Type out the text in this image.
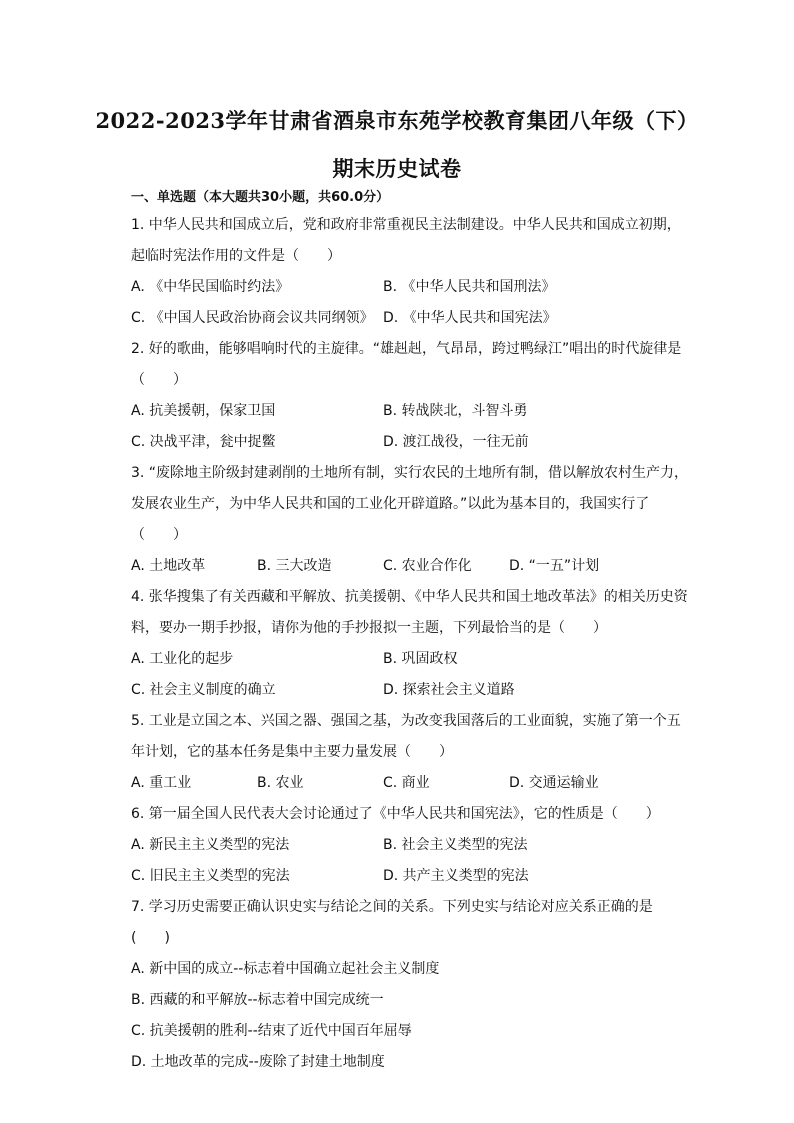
2022-2023学年甘肃省酒泉市东苑学校教育集团八年级（下）期末历史试卷
一、单选题（本大题共30小题，共60.0分）
1. 中华人民共和国成立后，党和政府非常重视民主法制建设。中华人民共和国成立初期，起临时宪法作用的文件是（　　）
A. 《中华民国临时约法》	B. 《中华人民共和国刑法》
C. 《中国人民政治协商会议共同纲领》 D. 《中华人民共和国宪法》
2. 好的歌曲，能够唱响时代的主旋律。“雄赳赳，气昂昂，跨过鸭绿江”唱出的时代旋律是（　　）
A. 抗美援朝，保家卫国	B. 转战陕北，斗智斗勇
C. 决战平津，瓮中捉鳖	D. 渡江战役，一往无前
3. “废除地主阶级封建剥削的土地所有制，实行农民的土地所有制，借以解放农村生产力，发展农业生产，为中华人民共和国的工业化开辟道路。”以此为基本目的，我国实行了（　　）
A. 土地改革	B. 三大改造	C. 农业合作化	D. “一五”计划
4. 张华搜集了有关西藏和平解放、抗美援朝、《中华人民共和国土地改革法》的相关历史资料，要办一期手抄报，请你为他的手抄报拟一主题，下列最恰当的是（　　）
A. 工业化的起步	B. 巩固政权
C. 社会主义制度的确立	D. 探索社会主义道路
5. 工业是立国之本、兴国之器、强国之基，为改变我国落后的工业面貌，实施了第一个五年计划，它的基本任务是集中主要力量发展（　　）
A. 重工业	B. 农业	C. 商业	D. 交通运输业
6. 第一届全国人民代表大会讨论通过了《中华人民共和国宪法》，它的性质是（　　）
A. 新民主主义类型的宪法	B. 社会主义类型的宪法
C. 旧民主主义类型的宪法	D. 共产主义类型的宪法
7. 学习历史需要正确认识史实与结论之间的关系。下列史实与结论对应关系正确的是(　　)
A. 新中国的成立--标志着中国确立起社会主义制度
B. 西藏的和平解放--标志着中国完成统一
C. 抗美援朝的胜利--结束了近代中国百年屈辱
D. 土地改革的完成--废除了封建土地制度
